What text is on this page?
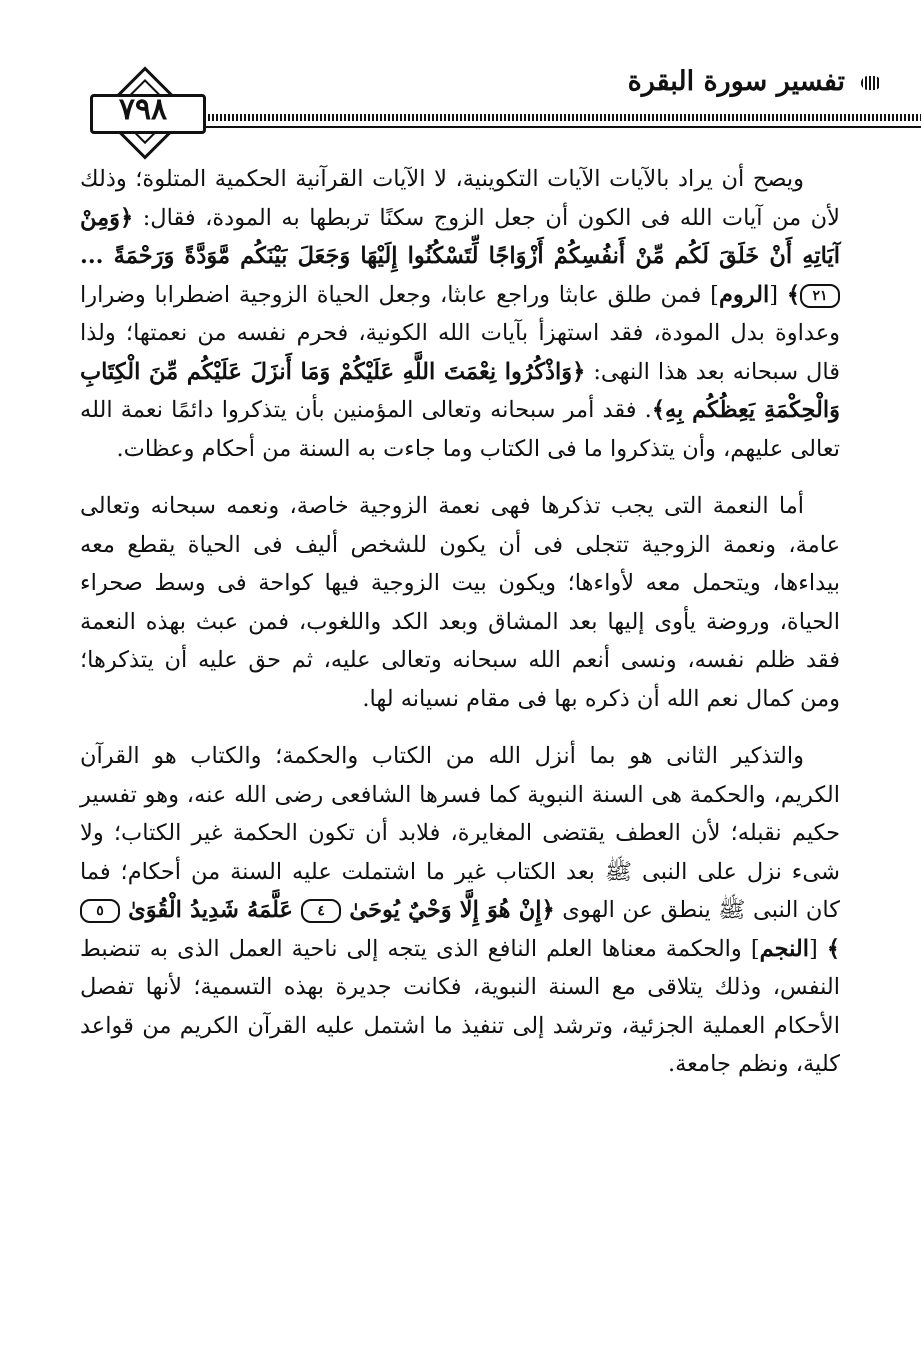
٧٩٨
تفسير سورة البقرة

ويصح أن يراد بالآيات الآيات التكوينية، لا الآيات القرآنية الحكمية المتلوة؛ وذلك لأن من آيات الله فى الكون أن جعل الزوج سكنًا تربطها به المودة، فقال: ﴿وَمِنْ آيَاتِهِ أَنْ خَلَقَ لَكُم مِّنْ أَنفُسِكُمْ أَزْوَاجًا لِّتَسْكُنُوا إِلَيْهَا وَجَعَلَ بَيْنَكُم مَّوَدَّةً وَرَحْمَةً ... ٢١﴾ [الروم] فمن طلق عابثا وراجع عابثا، وجعل الحياة الزوجية اضطرابا وضرارا وعداوة بدل المودة، فقد استهزأ بآيات الله الكونية، فحرم نفسه من نعمتها؛ ولذا قال سبحانه بعد هذا النهى: ﴿وَاذْكُرُوا نِعْمَتَ اللَّهِ عَلَيْكُمْ وَمَا أَنزَلَ عَلَيْكُم مِّنَ الْكِتَابِ وَالْحِكْمَةِ يَعِظُكُم بِهِ﴾. فقد أمر سبحانه وتعالى المؤمنين بأن يتذكروا دائمًا نعمة الله تعالى عليهم، وأن يتذكروا ما فى الكتاب وما جاءت به السنة من أحكام وعظات.

أما النعمة التى يجب تذكرها فهى نعمة الزوجية خاصة، ونعمه سبحانه وتعالى عامة، ونعمة الزوجية تتجلى فى أن يكون للشخص أليف فى الحياة يقطع معه بيداءها، ويتحمل معه لأواءها؛ ويكون بيت الزوجية فيها كواحة فى وسط صحراء الحياة، وروضة يأوى إليها بعد المشاق وبعد الكد واللغوب، فمن عبث بهذه النعمة فقد ظلم نفسه، ونسى أنعم الله سبحانه وتعالى عليه، ثم حق عليه أن يتذكرها؛ ومن كمال نعم الله أن ذكره بها فى مقام نسيانه لها.

والتذكير الثانى هو بما أنزل الله من الكتاب والحكمة؛ والكتاب هو القرآن الكريم، والحكمة هى السنة النبوية كما فسرها الشافعى رضى الله عنه، وهو تفسير حكيم نقبله؛ لأن العطف يقتضى المغايرة، فلابد أن تكون الحكمة غير الكتاب؛ ولا شىء نزل على النبى ﷺ بعد الكتاب غير ما اشتملت عليه السنة من أحكام؛ فما كان النبى ﷺ ينطق عن الهوى ﴿إِنْ هُوَ إِلَّا وَحْيٌ يُوحَىٰ ٤ عَلَّمَهُ شَدِيدُ الْقُوَىٰ ٥﴾ [النجم] والحكمة معناها العلم النافع الذى يتجه إلى ناحية العمل الذى به تنضبط النفس، وذلك يتلاقى مع السنة النبوية، فكانت جديرة بهذه التسمية؛ لأنها تفصل الأحكام العملية الجزئية، وترشد إلى تنفيذ ما اشتمل عليه القرآن الكريم من قواعد كلية، ونظم جامعة.
